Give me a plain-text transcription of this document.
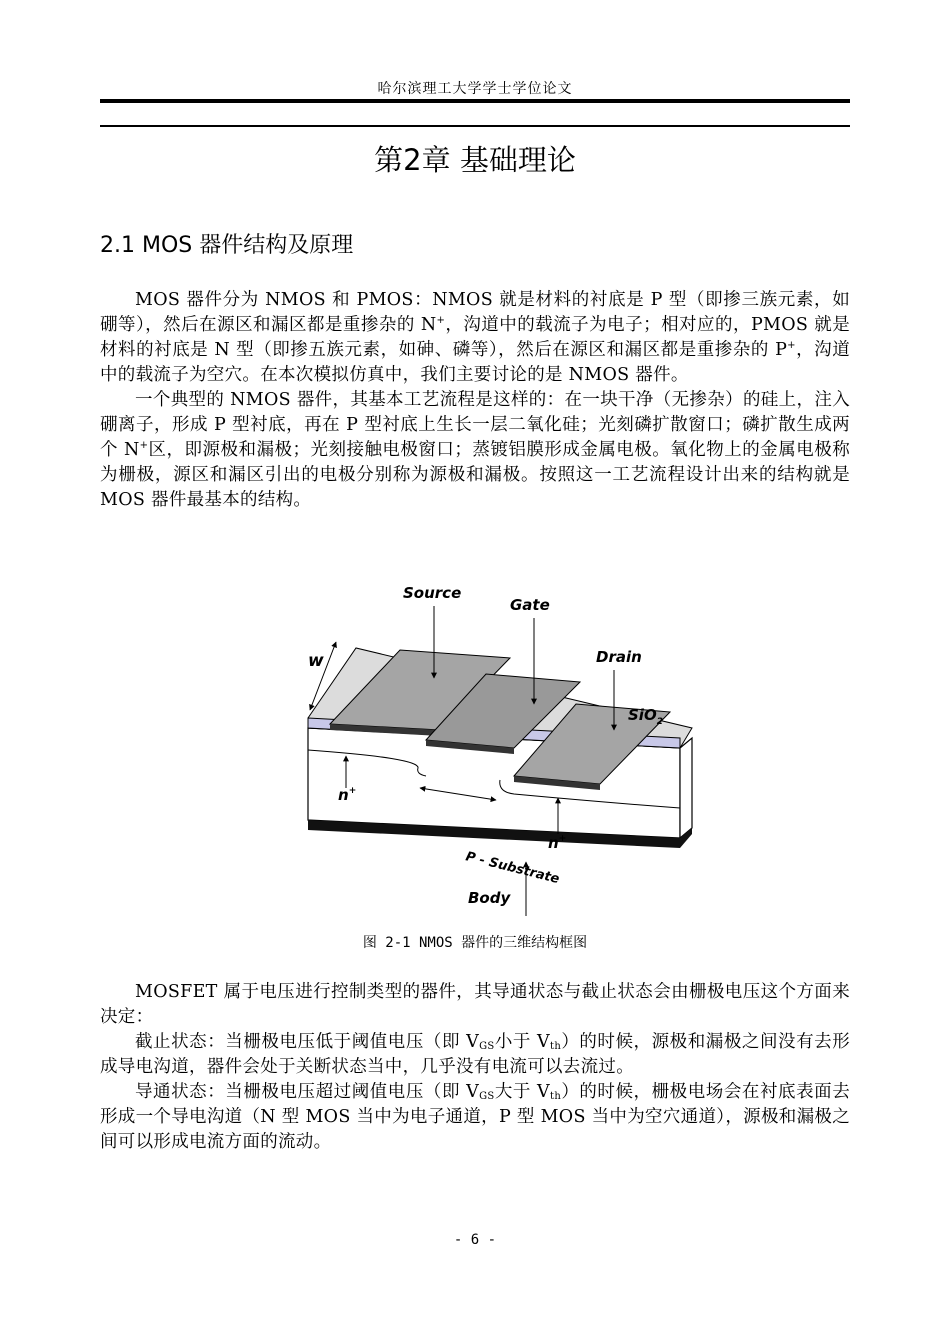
哈尔滨理工大学学士学位论文
第2章 基础理论
2.1 MOS 器件结构及原理

MOS 器件分为 NMOS 和 PMOS：NMOS 就是材料的衬底是 P 型（即掺三族元素，如硼等），然后在源区和漏区都是重掺杂的 N+，沟道中的载流子为电子；相对应的，PMOS 就是材料的衬底是 N 型（即掺五族元素，如砷、磷等），然后在源区和漏区都是重掺杂的 P+，沟道中的载流子为空穴。在本次模拟仿真中，我们主要讨论的是 NMOS 器件。

一个典型的 NMOS 器件，其基本工艺流程是这样的：在一块干净（无掺杂）的硅上，注入硼离子，形成 P 型衬底，再在 P 型衬底上生长一层二氧化硅；光刻磷扩散窗口；磷扩散生成两个 N+区，即源极和漏极；光刻接触电极窗口；蒸镀铝膜形成金属电极。氧化物上的金属电极称为栅极，源区和漏区引出的电极分别称为源极和漏极。按照这一工艺流程设计出来的结构就是 MOS 器件最基本的结构。

w
Source
Gate
Drain
SiO$_2$
n+
n+
P - Substrate
Body
图 2-1 NMOS 器件的三维结构框图

MOSFET 属于电压进行控制类型的器件，其导通状态与截止状态会由栅极电压这个方面来决定：

截止状态：当栅极电压低于阈值电压（即 $V_{GS}$小于 $V_{th}$）的时候，源极和漏极之间没有去形成导电沟道，器件会处于关断状态当中，几乎没有电流可以去流过。

导通状态：当栅极电压超过阈值电压（即 $V_{GS}$大于 $V_{th}$）的时候，栅极电场会在衬底表面去形成一个导电沟道（N 型 MOS 当中为电子通道，P 型 MOS 当中为空穴通道），源极和漏极之间可以形成电流方面的流动。

- 6 -
